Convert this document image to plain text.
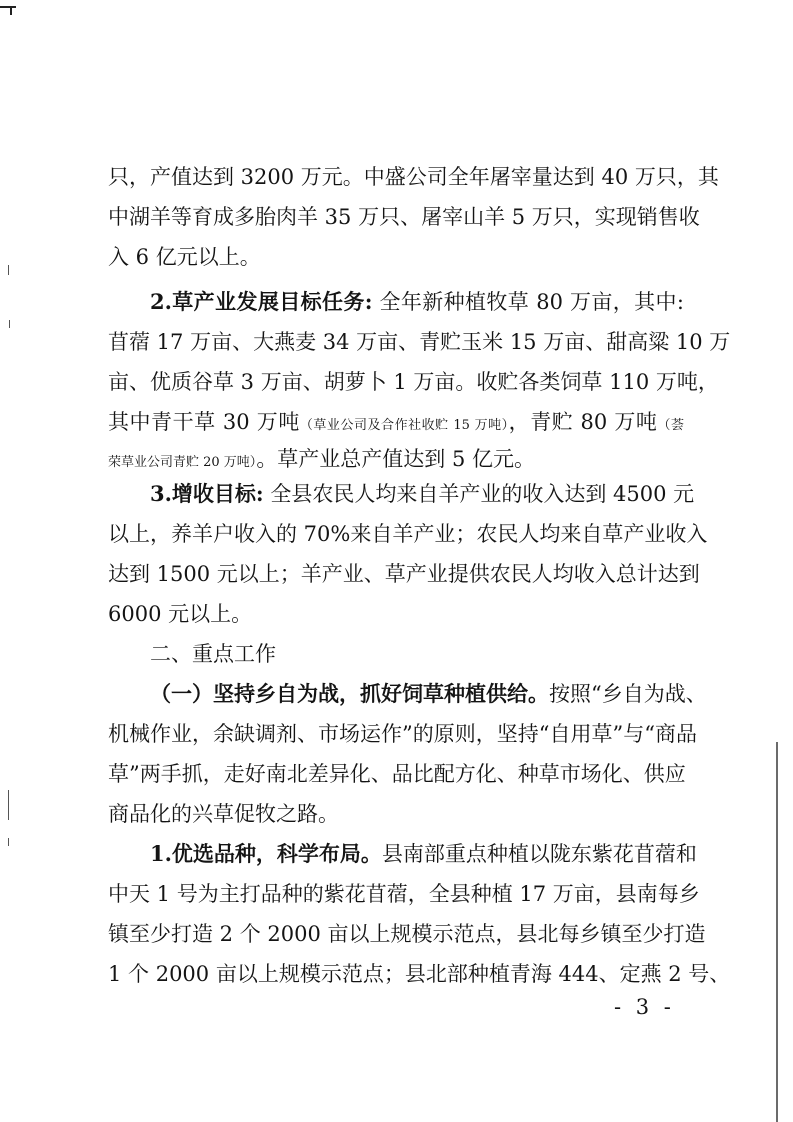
只，产值达到 3200 万元。中盛公司全年屠宰量达到 40 万只，其
中湖羊等育成多胎肉羊 35 万只、屠宰山羊 5 万只，实现销售收
入 6 亿元以上。
2.草产业发展目标任务: 全年新种植牧草 80 万亩，其中:
苜蓿 17 万亩、大燕麦 34 万亩、青贮玉米 15 万亩、甜高粱 10 万
亩、优质谷草 3 万亩、胡萝卜 1 万亩。收贮各类饲草 110 万吨，
其中青干草 30 万吨（草业公司及合作社收贮 15 万吨），青贮 80 万吨（荟
荣草业公司青贮 20 万吨）。草产业总产值达到 5 亿元。
3.增收目标: 全县农民人均来自羊产业的收入达到 4500 元
以上，养羊户收入的 70%来自羊产业；农民人均来自草产业收入
达到 1500 元以上；羊产业、草产业提供农民人均收入总计达到
6000 元以上。
二、重点工作
（一）坚持乡自为战，抓好饲草种植供给。按照“乡自为战、
机械作业，余缺调剂、市场运作”的原则，坚持“自用草”与“商品
草”两手抓，走好南北差异化、品比配方化、种草市场化、供应
商品化的兴草促牧之路。
1.优选品种，科学布局。县南部重点种植以陇东紫花苜蓿和
中天 1 号为主打品种的紫花苜蓿，全县种植 17 万亩，县南每乡
镇至少打造 2 个 2000 亩以上规模示范点，县北每乡镇至少打造
1 个 2000 亩以上规模示范点；县北部种植青海 444、定燕 2 号、
- 3 -
